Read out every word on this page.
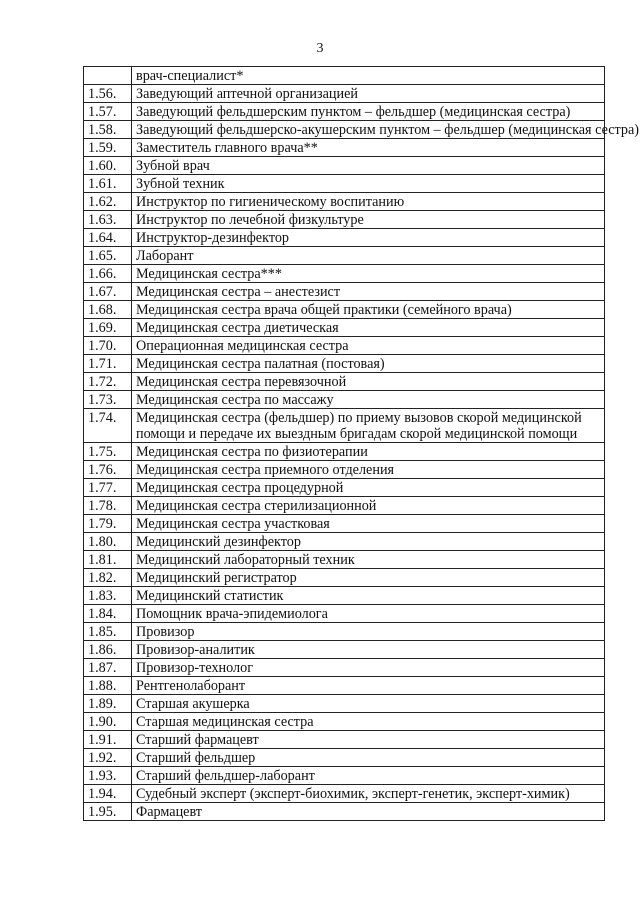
3
	врач-специалист*
1.56.	Заведующий аптечной организацией
1.57.	Заведующий фельдшерским пунктом – фельдшер (медицинская сестра)
1.58.	Заведующий фельдшерско-акушерским пунктом – фельдшер (медицинская сестра)
1.59.	Заместитель главного врача**
1.60.	Зубной врач
1.61.	Зубной техник
1.62.	Инструктор по гигиеническому воспитанию
1.63.	Инструктор по лечебной физкультуре
1.64.	Инструктор-дезинфектор
1.65.	Лаборант
1.66.	Медицинская сестра***
1.67.	Медицинская сестра – анестезист
1.68.	Медицинская сестра врача общей практики (семейного врача)
1.69.	Медицинская сестра диетическая
1.70.	Операционная медицинская сестра
1.71.	Медицинская сестра палатная (постовая)
1.72.	Медицинская сестра перевязочной
1.73.	Медицинская сестра по массажу
1.74.	Медицинская сестра (фельдшер) по приему вызовов скорой медицинской помощи и передаче их выездным бригадам скорой медицинской помощи
1.75.	Медицинская сестра по физиотерапии
1.76.	Медицинская сестра приемного отделения
1.77.	Медицинская сестра процедурной
1.78.	Медицинская сестра стерилизационной
1.79.	Медицинская сестра участковая
1.80.	Медицинский дезинфектор
1.81.	Медицинский лабораторный техник
1.82.	Медицинский регистратор
1.83.	Медицинский статистик
1.84.	Помощник врача-эпидемиолога
1.85.	Провизор
1.86.	Провизор-аналитик
1.87.	Провизор-технолог
1.88.	Рентгенолаборант
1.89.	Старшая акушерка
1.90.	Старшая медицинская сестра
1.91.	Старший фармацевт
1.92.	Старший фельдшер
1.93.	Старший фельдшер-лаборант
1.94.	Судебный эксперт (эксперт-биохимик, эксперт-генетик, эксперт-химик)
1.95.	Фармацевт
